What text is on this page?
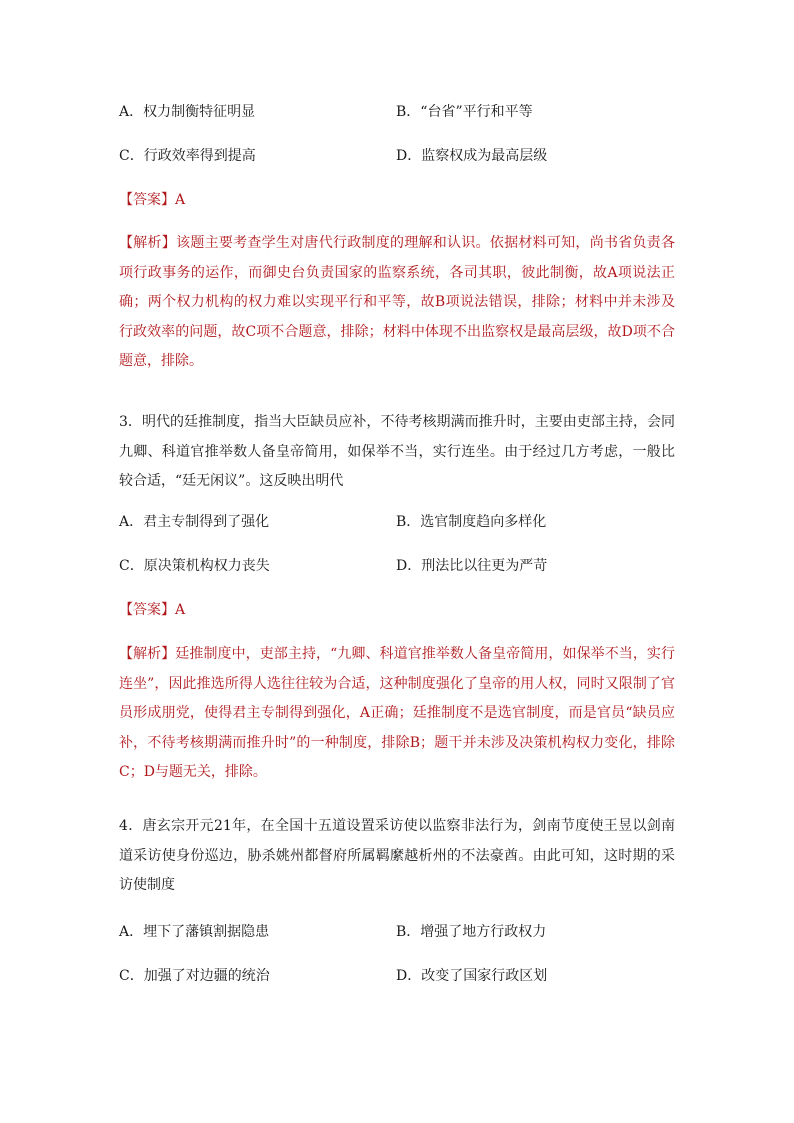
A．权力制衡特征明显	B．“台省”平行和平等
C．行政效率得到提高	D．监察权成为最高层级
【答案】A
【解析】该题主要考查学生对唐代行政制度的理解和认识。依据材料可知，尚书省负责各项行政事务的运作，而御史台负责国家的监察系统，各司其职，彼此制衡，故A项说法正确；两个权力机构的权力难以实现平行和平等，故B项说法错误，排除；材料中并未涉及行政效率的问题，故C项不合题意，排除；材料中体现不出监察权是最高层级，故D项不合题意，排除。
3．明代的廷推制度，指当大臣缺员应补，不待考核期满而推升时，主要由吏部主持，会同九卿、科道官推举数人备皇帝简用，如保举不当，实行连坐。由于经过几方考虑，一般比较合适，“廷无闲议”。这反映出明代
A．君主专制得到了强化	B．选官制度趋向多样化
C．原决策机构权力丧失	D．刑法比以往更为严苛
【答案】A
【解析】廷推制度中，吏部主持，“九卿、科道官推举数人备皇帝简用，如保举不当，实行连坐”，因此推选所得人选往往较为合适，这种制度强化了皇帝的用人权，同时又限制了官员形成朋党，使得君主专制得到强化，A正确；廷推制度不是选官制度，而是官员“缺员应补，不待考核期满而推升时”的一种制度，排除B；题干并未涉及决策机构权力变化，排除C；D与题无关，排除。
4．唐玄宗开元21年，在全国十五道设置采访使以监察非法行为，剑南节度使王昱以剑南道采访使身份巡边，胁杀姚州都督府所属羁縻越析州的不法豪酋。由此可知，这时期的采访使制度
A．埋下了藩镇割据隐患	B．增强了地方行政权力
C．加强了对边疆的统治	D．改变了国家行政区划
